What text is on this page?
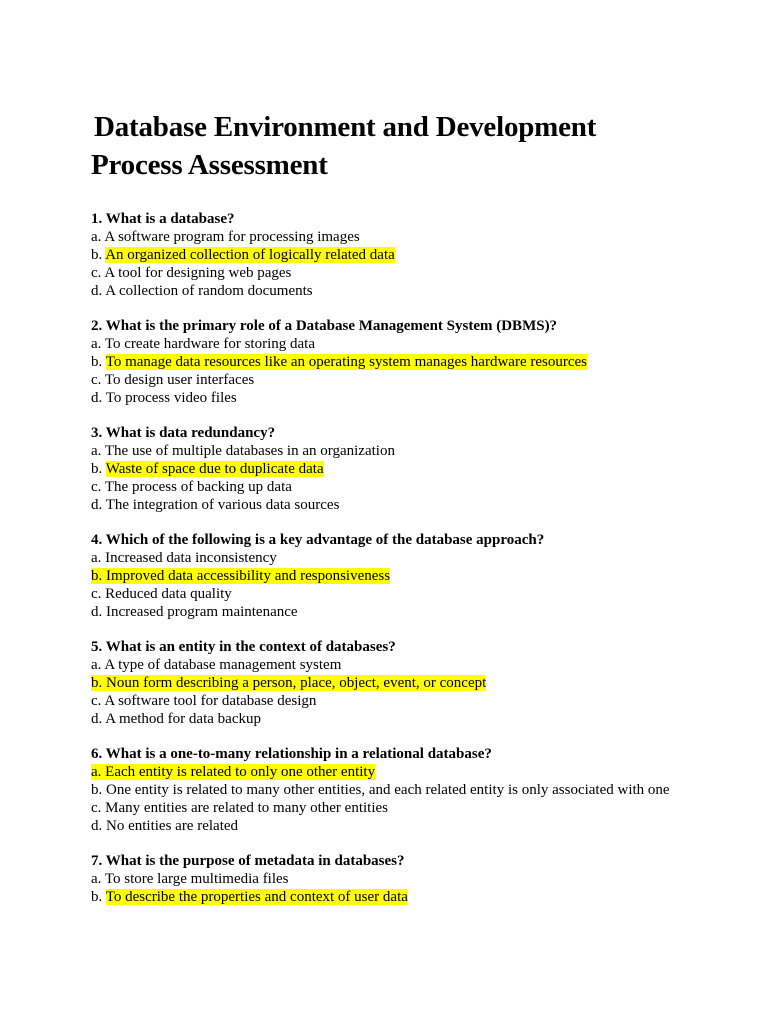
Database Environment and Development
Process Assessment
1. What is a database?
a. A software program for processing images
b. An organized collection of logically related data
c. A tool for designing web pages
d. A collection of random documents
2. What is the primary role of a Database Management System (DBMS)?
a. To create hardware for storing data
b. To manage data resources like an operating system manages hardware resources
c. To design user interfaces
d. To process video files
3. What is data redundancy?
a. The use of multiple databases in an organization
b. Waste of space due to duplicate data
c. The process of backing up data
d. The integration of various data sources
4. Which of the following is a key advantage of the database approach?
a. Increased data inconsistency
b. Improved data accessibility and responsiveness
c. Reduced data quality
d. Increased program maintenance
5. What is an entity in the context of databases?
a. A type of database management system
b. Noun form describing a person, place, object, event, or concept
c. A software tool for database design
d. A method for data backup
6. What is a one-to-many relationship in a relational database?
a. Each entity is related to only one other entity
b. One entity is related to many other entities, and each related entity is only associated with one
c. Many entities are related to many other entities
d. No entities are related
7. What is the purpose of metadata in databases?
a. To store large multimedia files
b. To describe the properties and context of user data
